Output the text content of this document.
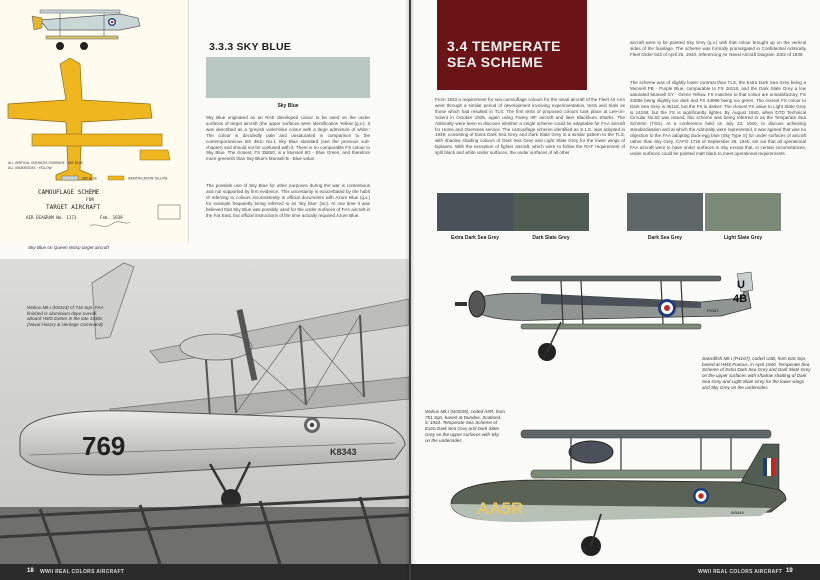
ALL VERTICAL SURFACES OVERSIDE · SKY BLUE
ALL UNDERSIDES · YELLOW
SKY BLUE	IDENTIFICATION YELLOW
CAMOUFLAGE SCHEME
FOR
TARGET AIRCRAFT
AIR DIAGRAM No. 1171	Feb. 1939
Sky Blue on Queen Wasp target aircraft
3.3.3 SKY BLUE
Sky Blue
Sky Blue originated as an RAE developed colour to be used on the under surfaces of target aircraft (the upper surfaces were Identification Yellow (q.v.). It was described as a 'greyish violet-blue colour with a large admixture of white.' The colour is decidedly pale and unsaturated in comparison to the contemporaneous BS 381c No.1 Sky Blue standard (see the previous sub-chapter) and should not be confused with it. There is no comparable FS colour to Sky Blue. The closest, FS 35550, is a Munsell 8G - Blue Green, and therefore more greenish than Sky Blue's Munsell B - Blue value.
The possible use of Sky Blue for other purposes during the war is contentious and not supported by firm evidence. This uncertainty is exacerbated by the habit of referring to colours inconsistently in official documents with Azure Blue (q.v.) for example frequently being referred to as 'sky blue' (sic). At one time it was believed that Sky Blue was possibly used for the under surfaces of FAA aircraft in the Far East, but official instructions of the time actually required Azure Blue.
769	K8343
Walrus Mk.I (K8343) of 718 Sqn. FAA finished in aluminium dope overall, aboard HMS Exeter in the late 1930s (Naval History & Heritage Command)
18 WWII REAL COLORS AIRCRAFT
3.4 TEMPERATE
SEA SCHEME
From 1933 a requirement for sea camouflage colours for the naval aircraft of the Fleet Air Arm went through a similar period of development involving experimentation, tests and trials as those which had resulted in TLS. The first tests of proposed colours took place at Lee-on-Solent in October 1935, again using Fairey IIIF aircraft and later Blackburn Sharks. The Admiralty were keen to discover whether a single scheme could be adaptable for FAA aircraft for Home and Overseas service. The camouflage scheme identified as S.1.E. was adopted in 1939, consisting of Extra Dark Sea Grey and Dark Slate Grey in a similar pattern to the TLS, with shadow shading colours of Dark Sea Grey and Light Slate Grey for the lower wings of biplanes. With the exception of fighter aircraft, which were to follow the RAF requirement of split black and white under surfaces, the under surfaces of all other
aircraft were to be painted Sky Grey (q.v.) with that colour brought up on the vertical sides of the fuselage. The scheme was formally promulgated in Confidential Admiralty Fleet Order 643 of April 25, 1940, referencing Air Naval Aircraft Diagram 1002 of 1939.
The scheme was of slightly lower contrast than TLS, the Extra Dark Sea Grey being a Munsell PB - Purple Blue, comparable to FS 26118, and the Dark Slate Grey a low saturated Munsell GY - Green Yellow. FS matches to that colour are unsatisfactory, FS 34086 being slightly too dark and FS 34096 being too green. The closest FS colour to Dark Sea Grey is 36118, but the FS is darker. The closest FS value to Light Slate Grey is 14159, but the FS is significantly lighter. By August 1940, when DTD Technical Circular No.83 was issued, this scheme was being referred to as the Temperate Sea Scheme (TSS). At a conference held on July 23, 1940, to discuss achieving standardisation and at which the Admiralty were represented, it was agreed that was no objection to the FAA adopting duck-egg blue (Sky Type S) for under surfaces of aircraft rather than Sky Grey. CAFO 1719 of September 26, 1940, set out that all operational FAA aircraft were to have under surfaces in Sky except that, in certain circumstances, under surfaces could be painted matt black to meet operational requirements.
Extra Dark Sea Grey	Dark Slate Grey	Dark Sea Grey	Light Slate Grey
U
4B
P4167
Swordfish Mk.I (P4167), coded U4B, from 816 Sqn, based at HMS Furious, in April 1940. Temperate Sea Scheme of Extra Dark Sea Grey and Dark Slate Grey on the upper surfaces with shadow shading of Dark Sea Grey and Light Slate Grey for the lower wings and Sky Grey on the undersides
AA5R	W3049
Walrus Mk.I (W3049), coded A5R, from 751 Sqn, based at Dundee, Scotland, in 1944. Temperate Sea Scheme of Extra Dark Sea Grey and Dark Slate Grey on the upper surfaces with Sky on the undersides
WWII REAL COLORS AIRCRAFT 19
